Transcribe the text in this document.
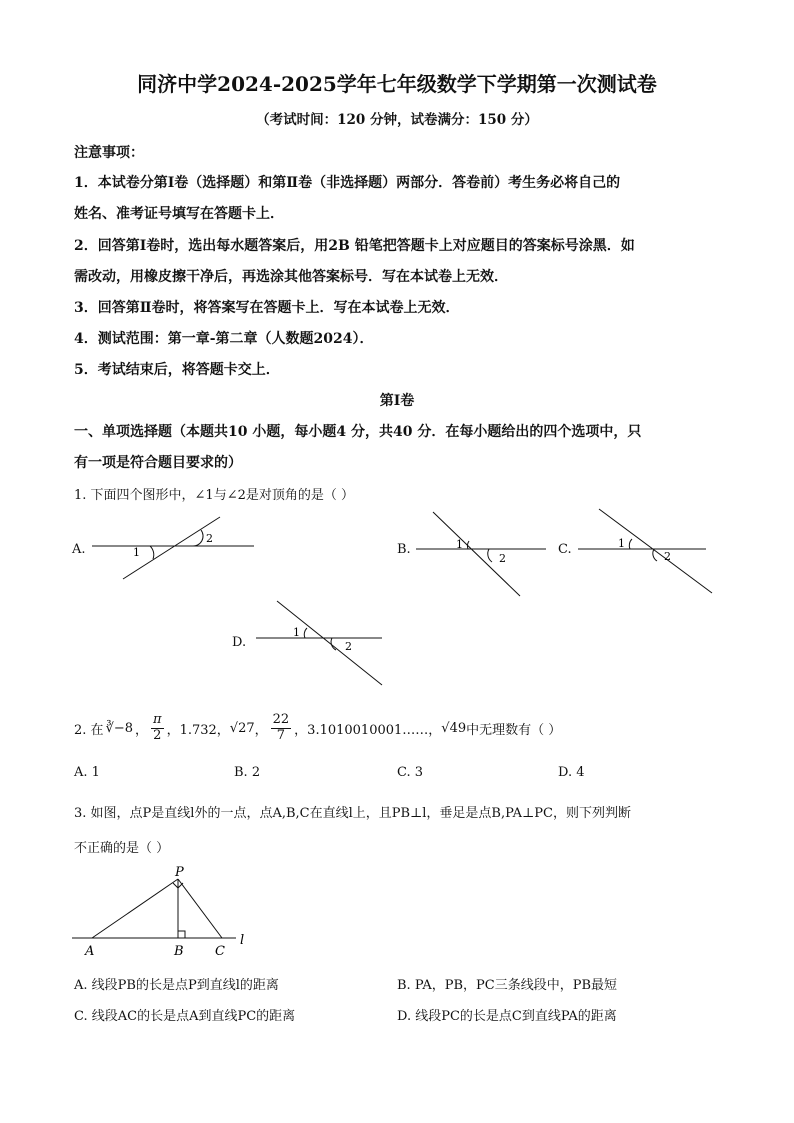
同济中学2024-2025学年七年级数学下学期第一次测试卷
（考试时间：120 分钟，试卷满分：150 分）
注意事项：
1．本试卷分第Ⅰ卷（选择题）和第Ⅱ卷（非选择题）两部分．答卷前）考生务必将自己的
姓名、准考证号填写在答题卡上．
2．回答第Ⅰ卷时，选出每水题答案后，用2B 铅笔把答题卡上对应题目的答案标号涂黑．如
需改动，用橡皮擦干净后，再选涂其他答案标号．写在本试卷上无效．
3．回答第Ⅱ卷时，将答案写在答题卡上．写在本试卷上无效．
4．测试范围：第一章-第二章（人数题2024）．
5．考试结束后，将答题卡交上．
第Ⅰ卷
一、单项选择题（本题共10 小题，每小题4 分，共40 分．在每小题给出的四个选项中，只
有一项是符合题目要求的）
1. 下面四个图形中，∠1与∠2是对顶角的是（ ）
A.	1
2
B.	1
2
C.	1
2
D.
1
2
2. 在 ∛−8 ， $\frac{\pi}{2}$ ，1.732， √27 ， $\frac{22}{7}$ ，3.1010010001……， √49 中无理数有（ ）
A. 1	B. 2	C. 3	D. 4
3. 如图，点P是直线l外的一点，点A,B,C在直线l上，且PB⊥l，垂足是点B,PA⊥PC，则下列判断
不正确的是（ ）
P
A	B C
l
A. 线段PB的长是点P到直线l的距离	B. PA，PB，PC三条线段中，PB最短
C. 线段AC的长是点A到直线PC的距离	D. 线段PC的长是点C到直线PA的距离
